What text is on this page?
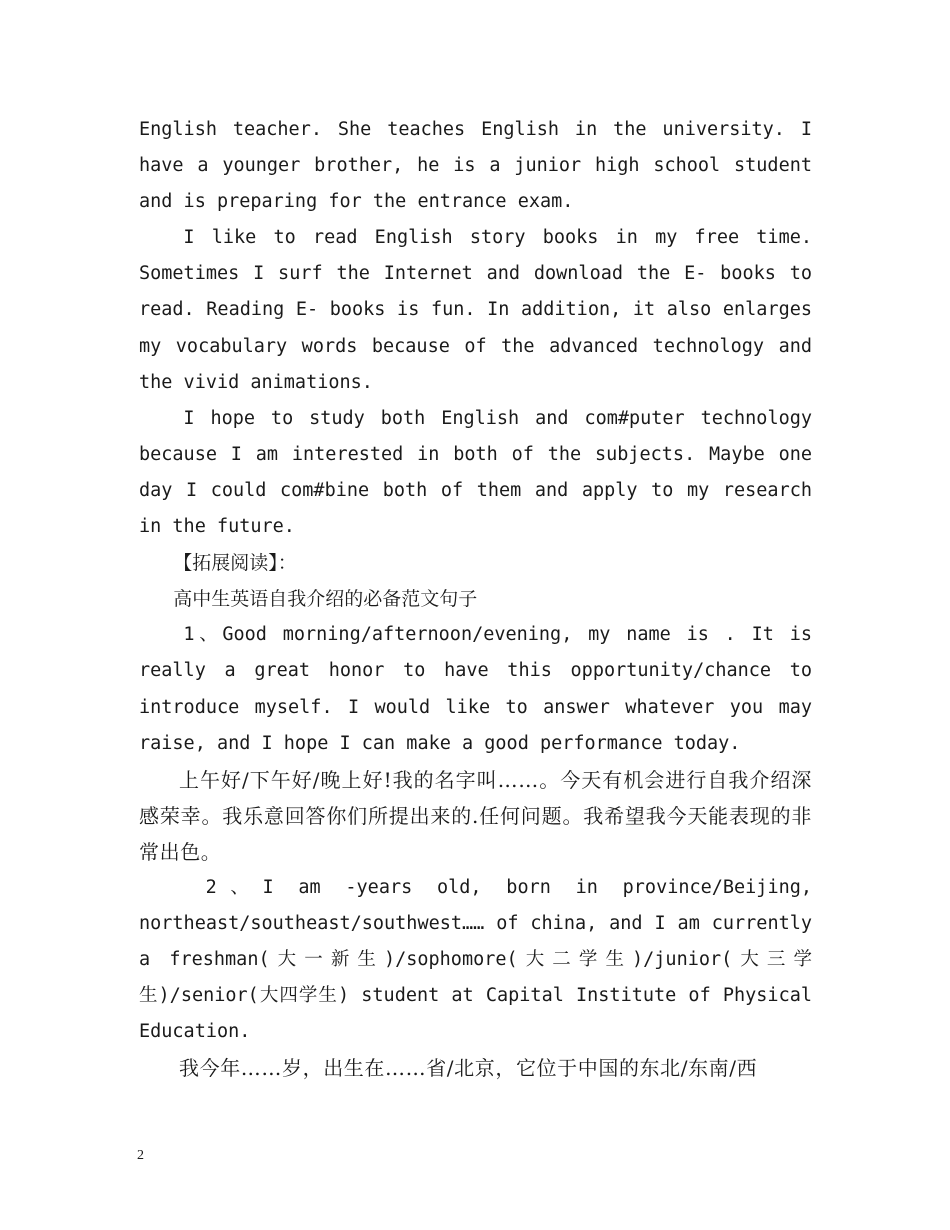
English teacher. She teaches English in the university. I have a younger brother, he is a junior high school student and is preparing for the entrance exam.

I like to read English story books in my free time. Sometimes I surf the Internet and download the E- books to read. Reading E- books is fun. In addition, it also enlarges my vocabulary words because of the advanced technology and the vivid animations.

I hope to study both English and com#puter technology because I am interested in both of the subjects. Maybe one day I could com#bine both of them and apply to my research in the future.

【拓展阅读】：

高中生英语自我介绍的必备范文句子

1、Good morning/afternoon/evening, my name is . It is really a great honor to have this opportunity/chance to introduce myself. I would like to answer whatever you may raise, and I hope I can make a good performance today.

上午好/下午好/晚上好!我的名字叫……。今天有机会进行自我介绍深感荣幸。我乐意回答你们所提出来的.任何问题。我希望我今天能表现的非常出色。

2、I am -years old, born in province/Beijing, northeast/southeast/southwest…… of china, and I am currently a freshman(大一新生)/sophomore(大二学生)/junior(大三学生)/senior(大四学生) student at Capital Institute of Physical Education.

我今年……岁，出生在……省/北京，它位于中国的东北/东南/西

2
